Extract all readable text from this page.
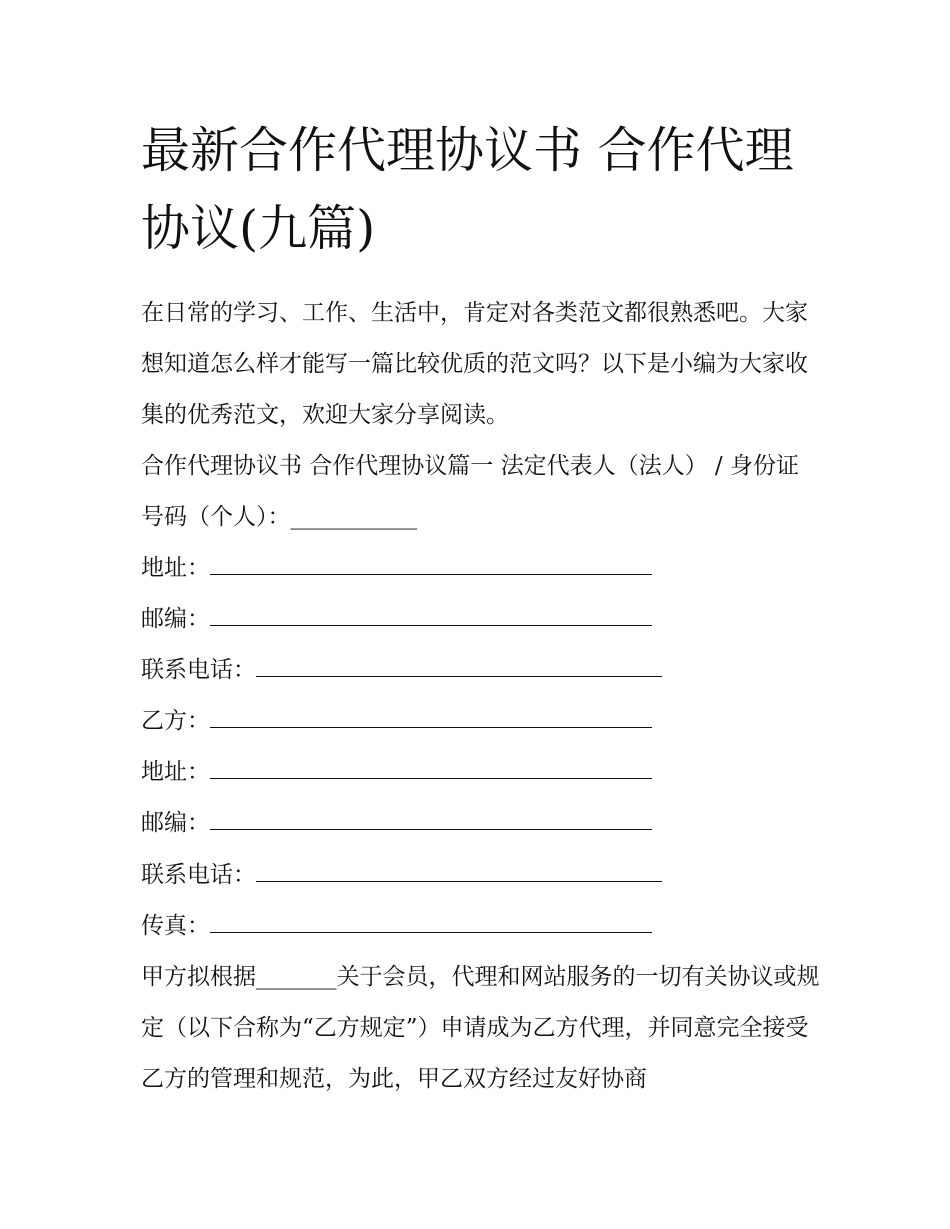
最新合作代理协议书 合作代理协议(九篇)

在日常的学习、工作、生活中，肯定对各类范文都很熟悉吧。大家想知道怎么样才能写一篇比较优质的范文吗？以下是小编为大家收集的优秀范文，欢迎大家分享阅读。

合作代理协议书 合作代理协议篇一 法定代表人（法人） / 身份证号码（个人）：___________

地址：

邮编：

联系电话：

乙方：

地址：

邮编：

联系电话：

传真：

甲方拟根据_______关于会员，代理和网站服务的一切有关协议或规定（以下合称为“乙方规定”）申请成为乙方代理，并同意完全接受乙方的管理和规范，为此，甲乙双方经过友好协商
